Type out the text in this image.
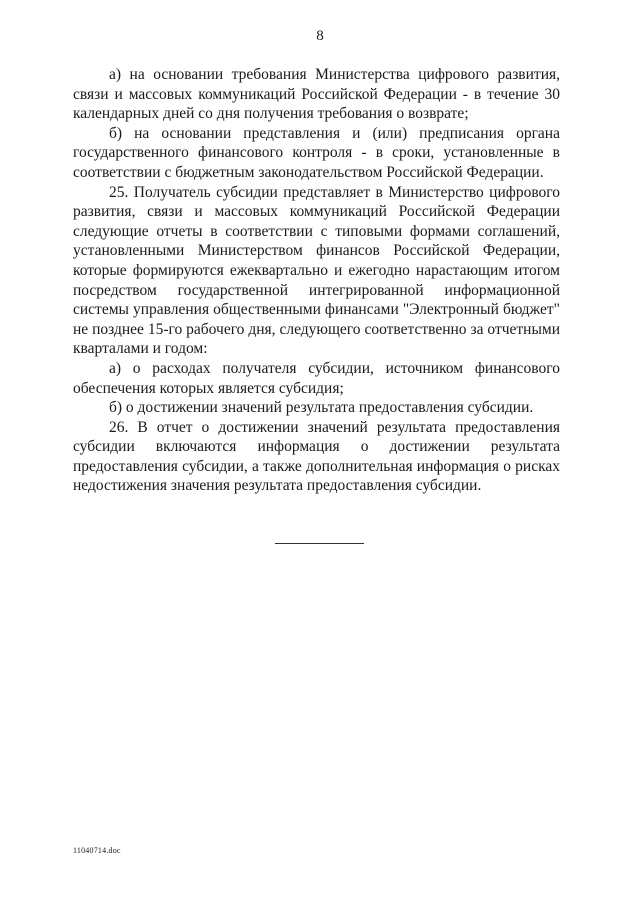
8

а) на основании требования Министерства цифрового развития, связи и массовых коммуникаций Российской Федерации - в течение 30 календарных дней со дня получения требования о возврате;

б) на основании представления и (или) предписания органа государственного финансового контроля - в сроки, установленные в соответствии с бюджетным законодательством Российской Федерации.

25. Получатель субсидии представляет в Министерство цифрового развития, связи и массовых коммуникаций Российской Федерации следующие отчеты в соответствии с типовыми формами соглашений, установленными Министерством финансов Российской Федерации, которые формируются ежеквартально и ежегодно нарастающим итогом посредством государственной интегрированной информационной системы управления общественными финансами "Электронный бюджет" не позднее 15-го рабочего дня, следующего соответственно за отчетными кварталами и годом:

а) о расходах получателя субсидии, источником финансового обеспечения которых является субсидия;

б) о достижении значений результата предоставления субсидии.

26. В отчет о достижении значений результата предоставления субсидии включаются информация о достижении результата предоставления субсидии, а также дополнительная информация о рисках недостижения значения результата предоставления субсидии.

11040714.doc
